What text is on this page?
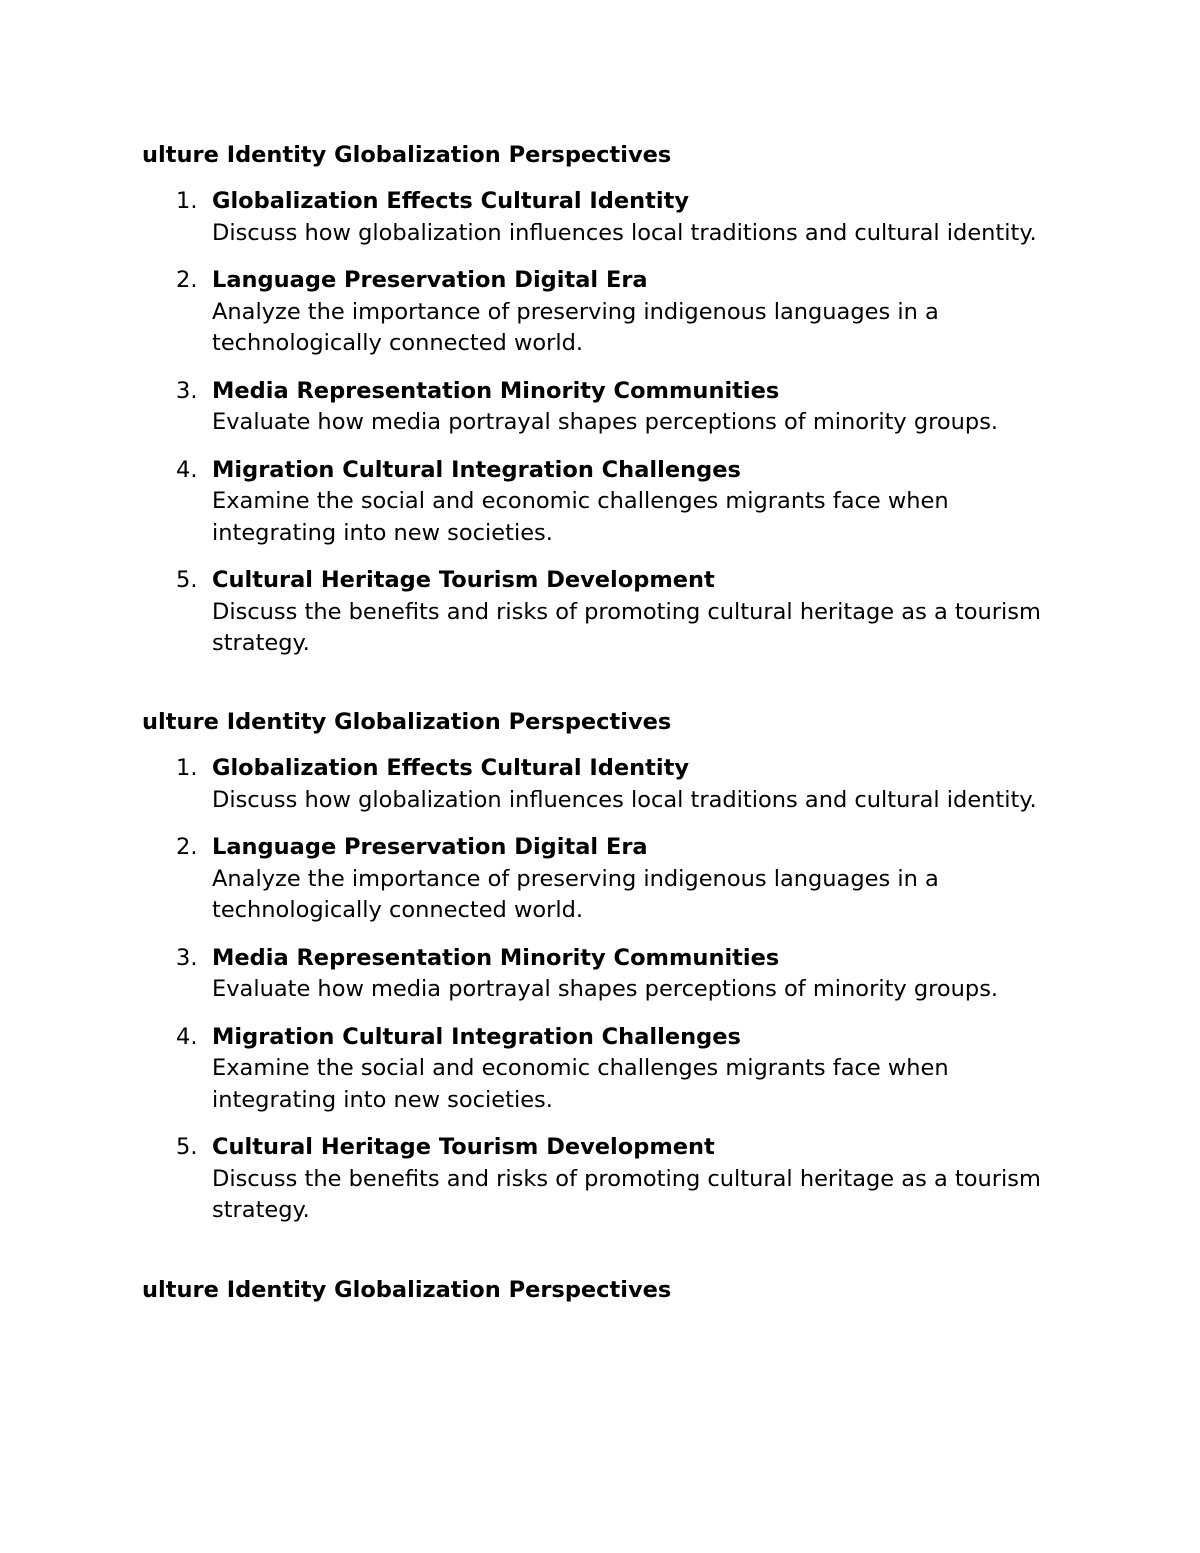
ulture Identity Globalization Perspectives
1. Globalization Effects Cultural Identity
Discuss how globalization influences local traditions and cultural identity.
2. Language Preservation Digital Era
Analyze the importance of preserving indigenous languages in a technologically connected world.
3. Media Representation Minority Communities
Evaluate how media portrayal shapes perceptions of minority groups.
4. Migration Cultural Integration Challenges
Examine the social and economic challenges migrants face when integrating into new societies.
5. Cultural Heritage Tourism Development
Discuss the benefits and risks of promoting cultural heritage as a tourism strategy.
ulture Identity Globalization Perspectives
1. Globalization Effects Cultural Identity
Discuss how globalization influences local traditions and cultural identity.
2. Language Preservation Digital Era
Analyze the importance of preserving indigenous languages in a technologically connected world.
3. Media Representation Minority Communities
Evaluate how media portrayal shapes perceptions of minority groups.
4. Migration Cultural Integration Challenges
Examine the social and economic challenges migrants face when integrating into new societies.
5. Cultural Heritage Tourism Development
Discuss the benefits and risks of promoting cultural heritage as a tourism strategy.
ulture Identity Globalization Perspectives
